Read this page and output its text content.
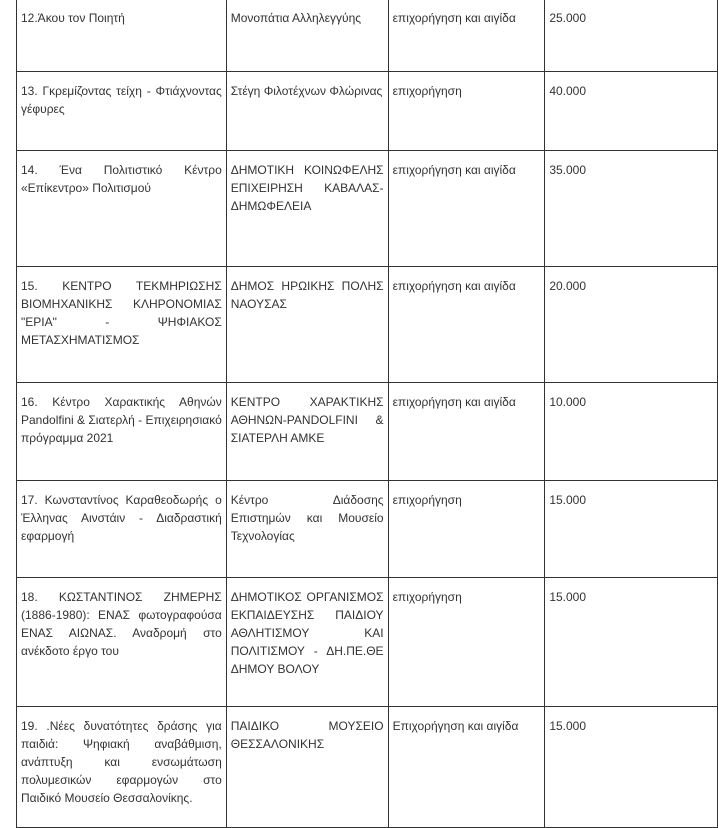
12.Άκου τον Ποιητή	Μονοπάτια Αλληλεγγύης	επιχορήγηση και αιγίδα	25.000
13. Γκρεμίζοντας τείχη - Φτιάχνοντας γέφυρες	Στέγη Φιλοτέχνων Φλώρινας	επιχορήγηση	40.000
14. Ένα Πολιτιστικό Κέντρο «Επίκεντρο» Πολιτισμού	ΔΗΜΟΤΙΚΗ ΚΟΙΝΩΦΕΛΗΣ ΕΠΙΧΕΙΡΗΣΗ ΚΑΒΑΛΑΣ-ΔΗΜΩΦΕΛΕΙΑ	επιχορήγηση και αιγίδα	35.000
15. ΚΕΝΤΡΟ ΤΕΚΜΗΡΙΩΣΗΣ ΒΙΟΜΗΧΑΝΙΚΗΣ ΚΛΗΡΟΝΟΜΙΑΣ "ΕΡΙΑ" - ΨΗΦΙΑΚΟΣ ΜΕΤΑΣΧΗΜΑΤΙΣΜΟΣ	ΔΗΜΟΣ ΗΡΩΙΚΗΣ ΠΟΛΗΣ ΝΑΟΥΣΑΣ	επιχορήγηση και αιγίδα	20.000
16. Κέντρο Χαρακτικής Αθηνών Pandolfini & Σιατερλή - Επιχειρησιακό πρόγραμμα 2021	ΚΕΝΤΡΟ ΧΑΡΑΚΤΙΚΗΣ ΑΘΗΝΩΝ-PANDOLFINI & ΣΙΑΤΕΡΛΗ ΑΜΚΕ	επιχορήγηση και αιγίδα	10.000
17. Κωνσταντίνος Καραθεοδωρής ο Έλληνας Αινστάιν - Διαδραστική εφαρμογή	Κέντρο Διάδοσης Επιστημών και Μουσείο Τεχνολογίας	επιχορήγηση	15.000
18. ΚΩΣΤΑΝΤΙΝΟΣ ΖΗΜΕΡΗΣ (1886-1980): ΕΝΑΣ φωτογραφούσα ΕΝΑΣ ΑΙΩΝΑΣ. Αναδρομή στο ανέκδοτο έργο του	ΔΗΜΟΤΙΚΟΣ ΟΡΓΑΝΙΣΜΟΣ ΕΚΠΑΙΔΕΥΣΗΣ ΠΑΙΔΙΟΥ ΑΘΛΗΤΙΣΜΟΥ ΚΑΙ ΠΟΛΙΤΙΣΜΟΥ - ΔΗ.ΠΕ.ΘΕ ΔΗΜΟΥ ΒΟΛΟΥ	επιχορήγηση	15.000
19. .Νέες δυνατότητες δράσης για παιδιά: Ψηφιακή αναβάθμιση, ανάπτυξη και ενσωμάτωση πολυμεσικών εφαρμογών στο Παιδικό Μουσείο Θεσσαλονίκης.	ΠΑΙΔΙΚΟ ΜΟΥΣΕΙΟ ΘΕΣΣΑΛΟΝΙΚΗΣ	Επιχορήγηση και αιγίδα	15.000
